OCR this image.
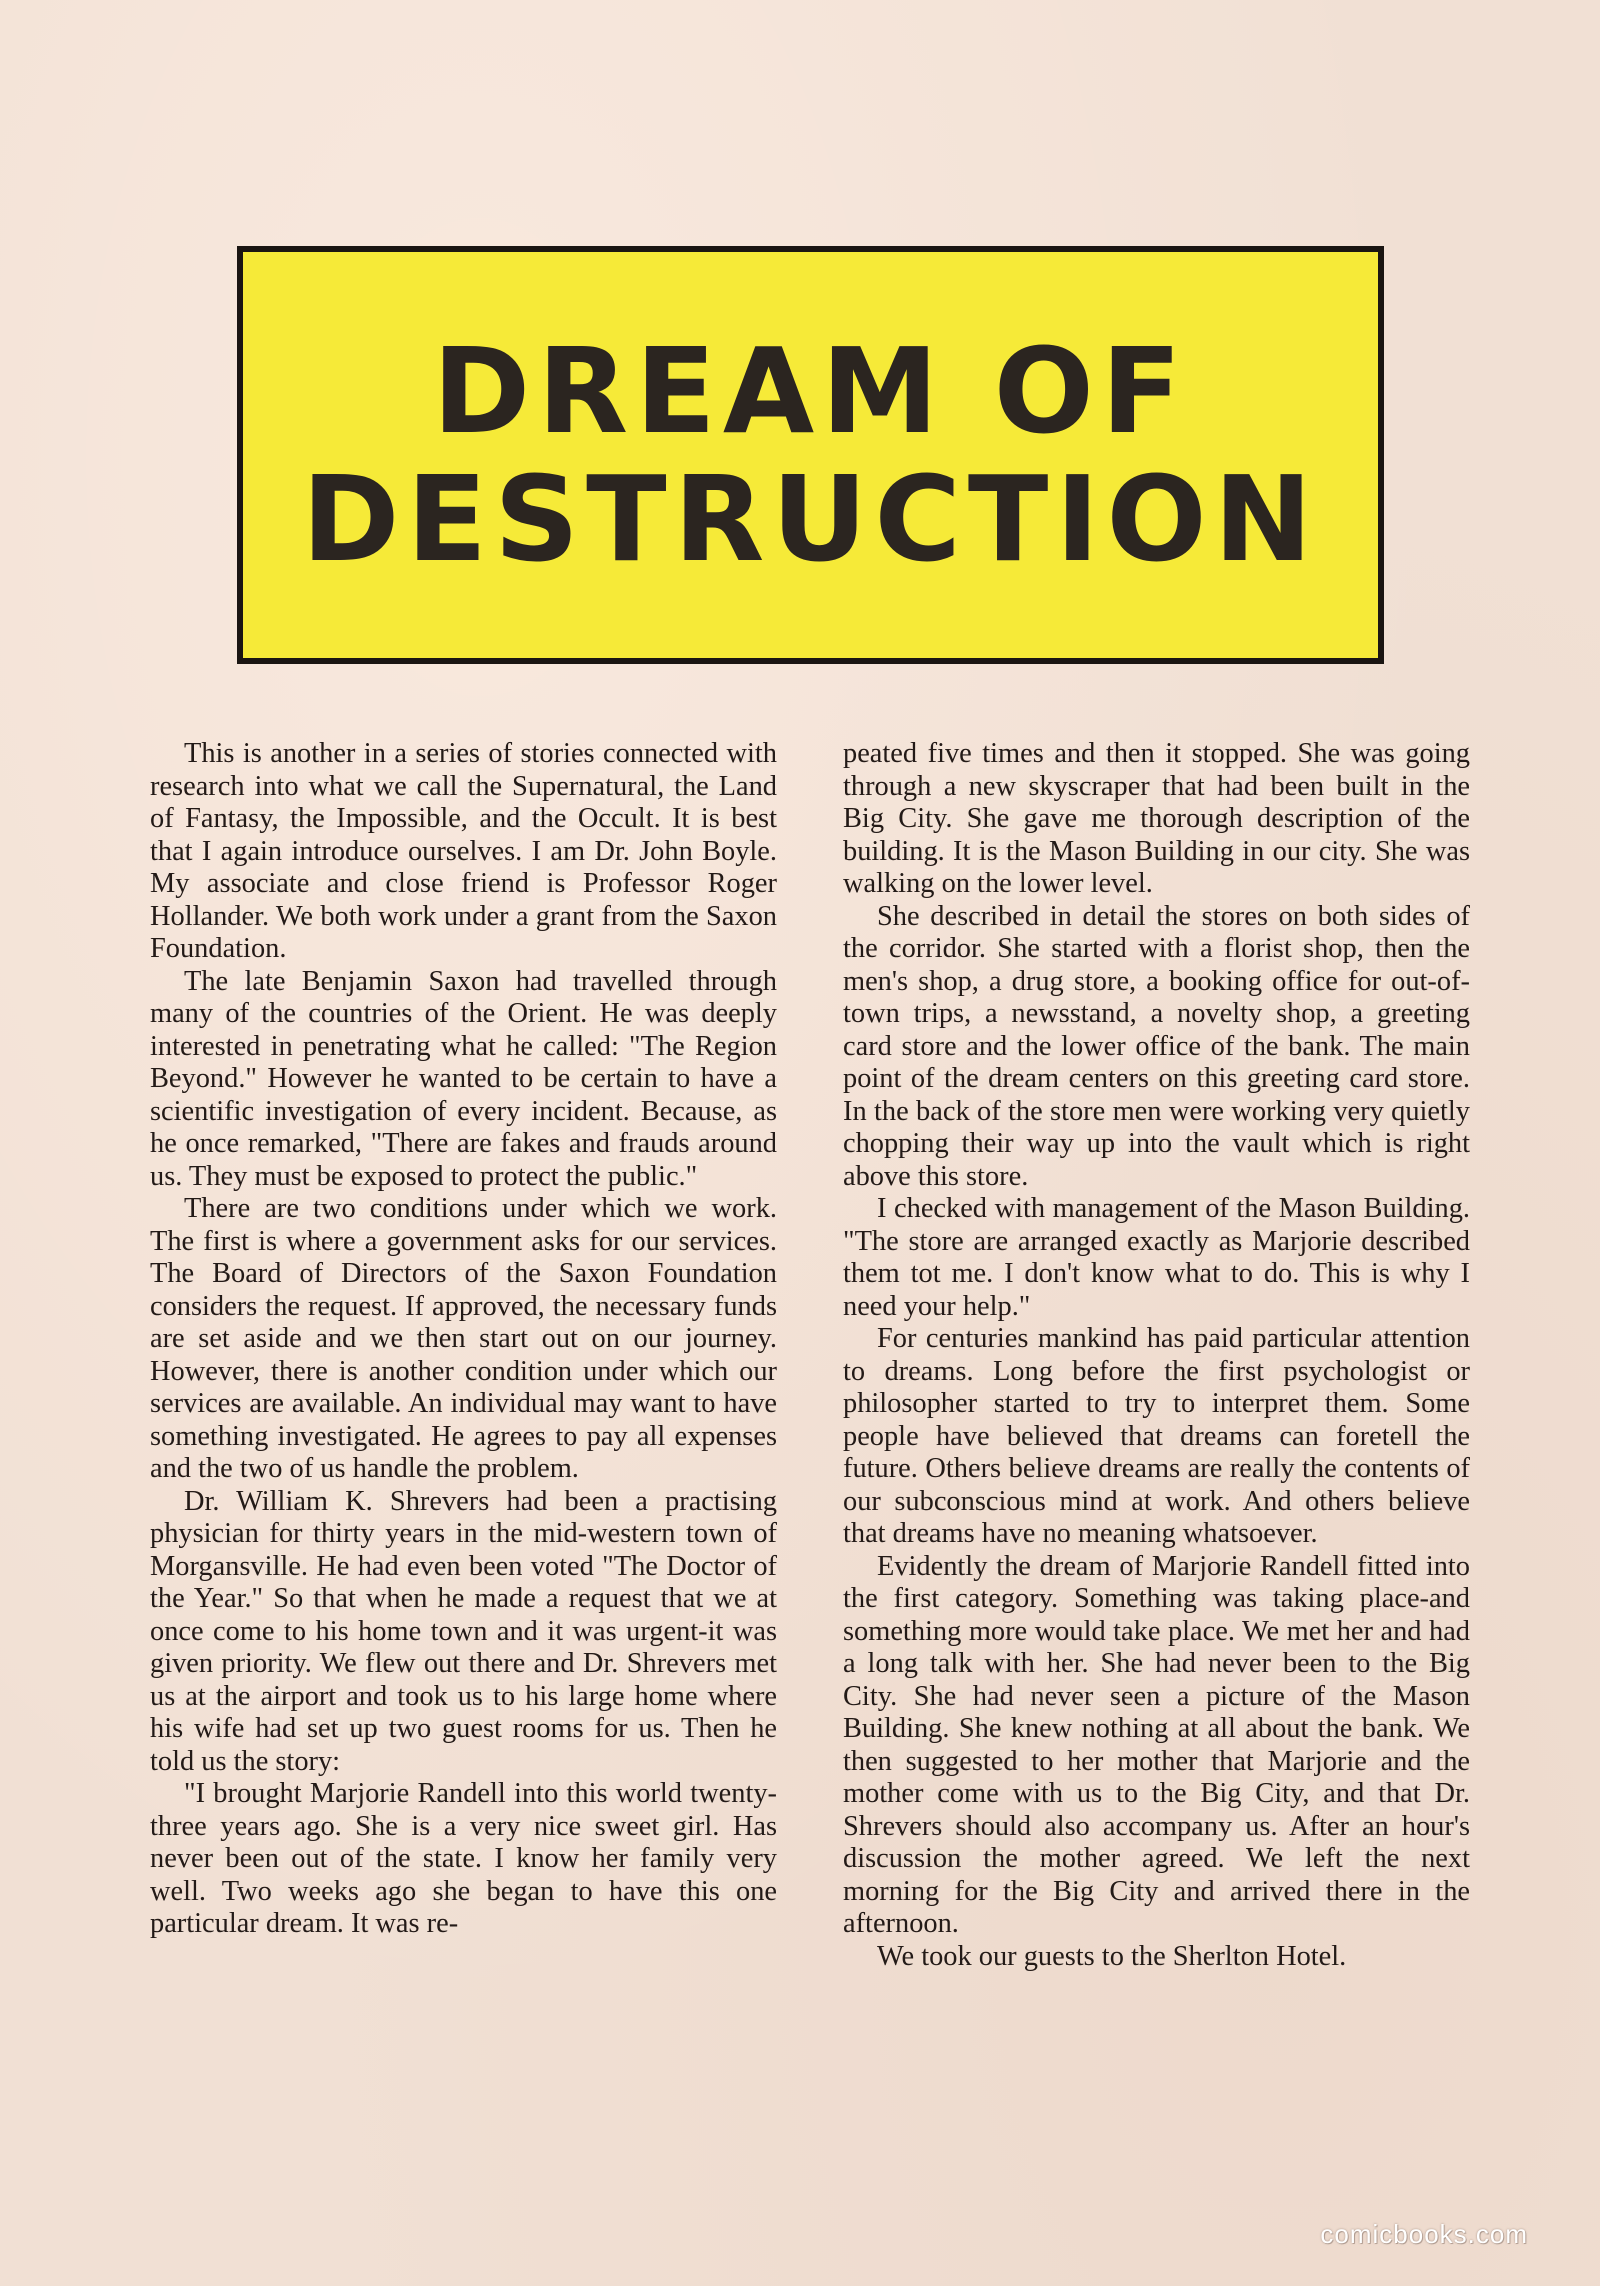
DREAM OF
DESTRUCTION

This is another in a series of stories connected with research into what we call the Supernatural, the Land of Fantasy, the Impossible, and the Occult. It is best that I again introduce ourselves. I am Dr. John Boyle. My associate and close friend is Professor Roger Hollander. We both work under a grant from the Saxon Foundation.

The late Benjamin Saxon had travelled through many of the countries of the Orient. He was deeply interested in penetrating what he called: "The Region Beyond." However he wanted to be certain to have a scientific investigation of every incident. Because, as he once remarked, "There are fakes and frauds around us. They must be exposed to protect the public."

There are two conditions under which we work. The first is where a government asks for our services. The Board of Directors of the Saxon Foundation considers the request. If approved, the necessary funds are set aside and we then start out on our journey. However, there is another condition under which our services are available. An individual may want to have something investigated. He agrees to pay all expenses and the two of us handle the problem.

Dr. William K. Shrevers had been a practising physician for thirty years in the mid-western town of Morgansville. He had even been voted "The Doctor of the Year." So that when he made a request that we at once come to his home town and it was urgent-it was given priority. We flew out there and Dr. Shrevers met us at the airport and took us to his large home where his wife had set up two guest rooms for us. Then he told us the story:

"I brought Marjorie Randell into this world twenty-three years ago. She is a very nice sweet girl. Has never been out of the state. I know her family very well. Two weeks ago she began to have this one particular dream. It was re-

peated five times and then it stopped. She was going through a new skyscraper that had been built in the Big City. She gave me thorough description of the building. It is the Mason Building in our city. She was walking on the lower level.

She described in detail the stores on both sides of the corridor. She started with a florist shop, then the men's shop, a drug store, a booking office for out-of-town trips, a newsstand, a novelty shop, a greeting card store and the lower office of the bank. The main point of the dream centers on this greeting card store. In the back of the store men were working very quietly chopping their way up into the vault which is right above this store.

I checked with management of the Mason Building. "The store are arranged exactly as Marjorie described them tot me. I don't know what to do. This is why I need your help."

For centuries mankind has paid particular attention to dreams. Long before the first psychologist or philosopher started to try to interpret them. Some people have believed that dreams can foretell the future. Others believe dreams are really the contents of our subconscious mind at work. And others believe that dreams have no meaning whatsoever.

Evidently the dream of Marjorie Randell fitted into the first category. Something was taking place-and something more would take place. We met her and had a long talk with her. She had never been to the Big City. She had never seen a picture of the Mason Building. She knew nothing at all about the bank. We then suggested to her mother that Marjorie and the mother come with us to the Big City, and that Dr. Shrevers should also accompany us. After an hour's discussion the mother agreed. We left the next morning for the Big City and arrived there in the afternoon.

We took our guests to the Sherlton Hotel.

comicbooks.com
